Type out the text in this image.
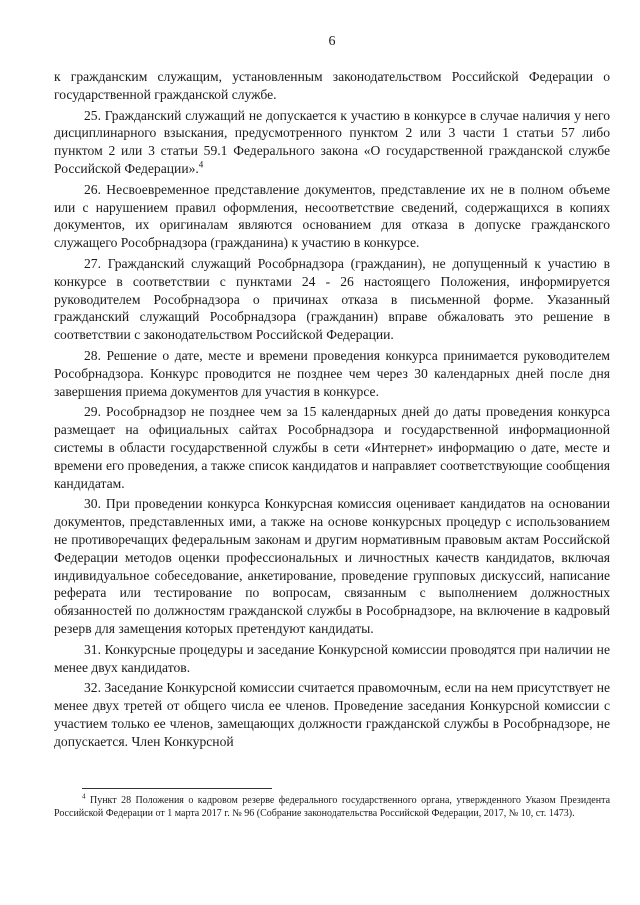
6

к гражданским служащим, установленным законодательством Российской Федерации о государственной гражданской службе.

25. Гражданский служащий не допускается к участию в конкурсе в случае наличия у него дисциплинарного взыскания, предусмотренного пунктом 2 или 3 части 1 статьи 57 либо пунктом 2 или 3 статьи 59.1 Федерального закона «О государственной гражданской службе Российской Федерации».$^4$

26. Несвоевременное представление документов, представление их не в полном объеме или с нарушением правил оформления, несоответствие сведений, содержащихся в копиях документов, их оригиналам являются основанием для отказа в допуске гражданского служащего Рособрнадзора (гражданина) к участию в конкурсе.

27. Гражданский служащий Рособрнадзора (гражданин), не допущенный к участию в конкурсе в соответствии с пунктами 24 - 26 настоящего Положения, информируется руководителем Рособрнадзора о причинах отказа в письменной форме. Указанный гражданский служащий Рособрнадзора (гражданин) вправе обжаловать это решение в соответствии с законодательством Российской Федерации.

28. Решение о дате, месте и времени проведения конкурса принимается руководителем Рособрнадзора. Конкурс проводится не позднее чем через 30 календарных дней после дня завершения приема документов для участия в конкурсе.

29. Рособрнадзор не позднее чем за 15 календарных дней до даты проведения конкурса размещает на официальных сайтах Рособрнадзора и государственной информационной системы в области государственной службы в сети «Интернет» информацию о дате, месте и времени его проведения, а также список кандидатов и направляет соответствующие сообщения кандидатам.

30. При проведении конкурса Конкурсная комиссия оценивает кандидатов на основании документов, представленных ими, а также на основе конкурсных процедур с использованием не противоречащих федеральным законам и другим нормативным правовым актам Российской Федерации методов оценки профессиональных и личностных качеств кандидатов, включая индивидуальное собеседование, анкетирование, проведение групповых дискуссий, написание реферата или тестирование по вопросам, связанным с выполнением должностных обязанностей по должностям гражданской службы в Рособрнадзоре, на включение в кадровый резерв для замещения которых претендуют кандидаты.

31. Конкурсные процедуры и заседание Конкурсной комиссии проводятся при наличии не менее двух кандидатов.

32. Заседание Конкурсной комиссии считается правомочным, если на нем присутствует не менее двух третей от общего числа ее членов. Проведение заседания Конкурсной комиссии с участием только ее членов, замещающих должности гражданской службы в Рособрнадзоре, не допускается. Член Конкурсной

$^4$ Пункт 28 Положения о кадровом резерве федерального государственного органа, утвержденного Указом Президента Российской Федерации от 1 марта 2017 г. № 96 (Собрание законодательства Российской Федерации, 2017, № 10, ст. 1473).
